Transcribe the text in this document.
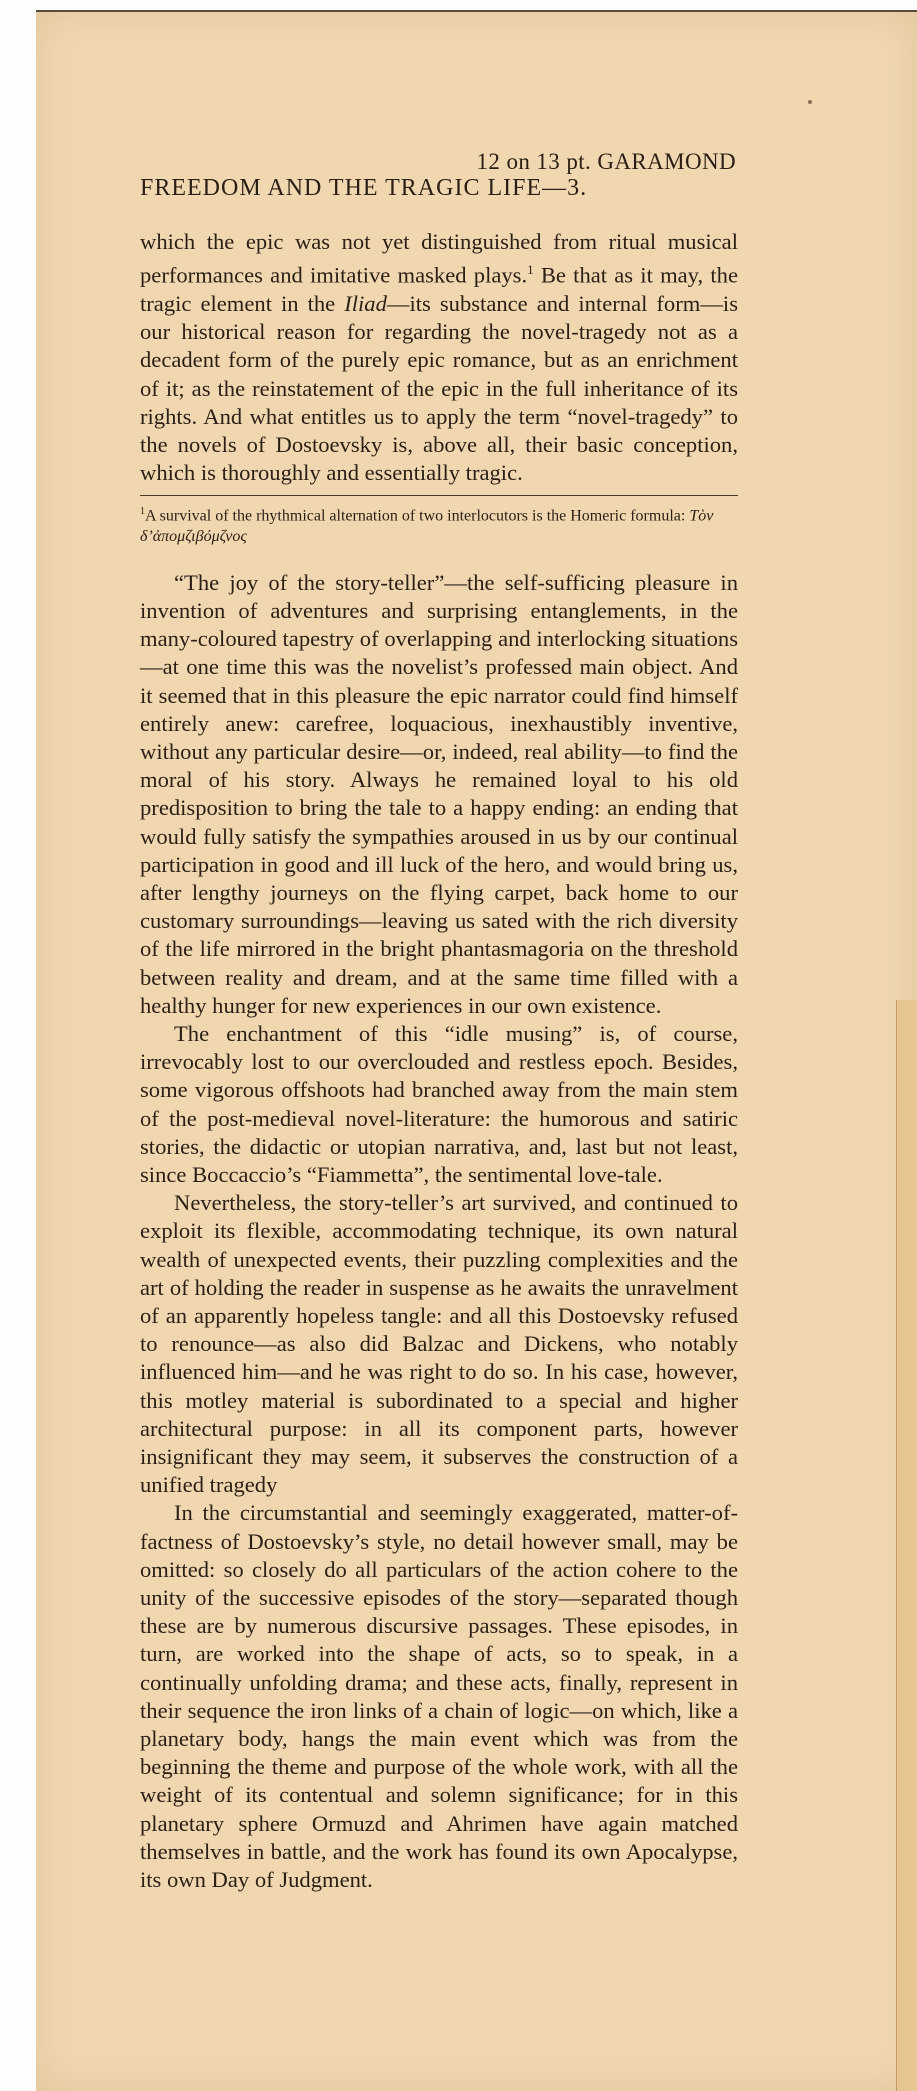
12 on 13 pt. GARAMOND
FREEDOM AND THE TRAGIC LIFE—3.

which the epic was not yet distinguished from ritual musical performances and imitative masked plays.$^1$ Be that as it may, the tragic element in the Iliad—its substance and internal form—is our historical reason for regarding the novel-tragedy not as a decadent form of the purely epic romance, but as an enrichment of it; as the reinstatement of the epic in the full inheritance of its rights. And what entitles us to apply the term “novel-tragedy” to the novels of Dostoevsky is, above all, their basic conception, which is thoroughly and essentially tragic.

$^1$A survival of the rhythmical alternation of two interlocutors is the Homeric formula: Τὸν δ’ἀπομζιβόμζνος

“The joy of the story-teller”—the self-sufficing pleasure in invention of adventures and surprising entanglements, in the many-coloured tapestry of overlapping and interlocking situations—at one time this was the novelist’s professed main object. And it seemed that in this pleasure the epic narrator could find himself entirely anew: carefree, loquacious, inexhaustibly inventive, without any particular desire—or, indeed, real ability—to find the moral of his story. Always he remained loyal to his old predisposition to bring the tale to a happy ending: an ending that would fully satisfy the sympathies aroused in us by our continual participation in good and ill luck of the hero, and would bring us, after lengthy journeys on the flying carpet, back home to our customary surroundings—leaving us sated with the rich diversity of the life mirrored in the bright phantasmagoria on the threshold between reality and dream, and at the same time filled with a healthy hunger for new experiences in our own existence.

The enchantment of this “idle musing” is, of course, irrevocably lost to our overclouded and restless epoch. Besides, some vigorous offshoots had branched away from the main stem of the post-medieval novel-literature: the humorous and satiric stories, the didactic or utopian narrativa, and, last but not least, since Boccaccio’s “Fiammetta”, the sentimental love-tale.

Nevertheless, the story-teller’s art survived, and continued to exploit its flexible, accommodating technique, its own natural wealth of unexpected events, their puzzling complexities and the art of holding the reader in suspense as he awaits the unravelment of an apparently hopeless tangle: and all this Dostoevsky refused to renounce—as also did Balzac and Dickens, who notably influenced him—and he was right to do so. In his case, however, this motley material is subordinated to a special and higher architectural purpose: in all its component parts, however insignificant they may seem, it subserves the construction of a unified tragedy

In the circumstantial and seemingly exaggerated, matter-of-factness of Dostoevsky’s style, no detail however small, may be omitted: so closely do all particulars of the action cohere to the unity of the successive episodes of the story—separated though these are by numerous discursive passages. These episodes, in turn, are worked into the shape of acts, so to speak, in a continually unfolding drama; and these acts, finally, represent in their sequence the iron links of a chain of logic—on which, like a planetary body, hangs the main event which was from the beginning the theme and purpose of the whole work, with all the weight of its contentual and solemn significance; for in this planetary sphere Ormuzd and Ahrimen have again matched themselves in battle, and the work has found its own Apocalypse, its own Day of Judgment.
